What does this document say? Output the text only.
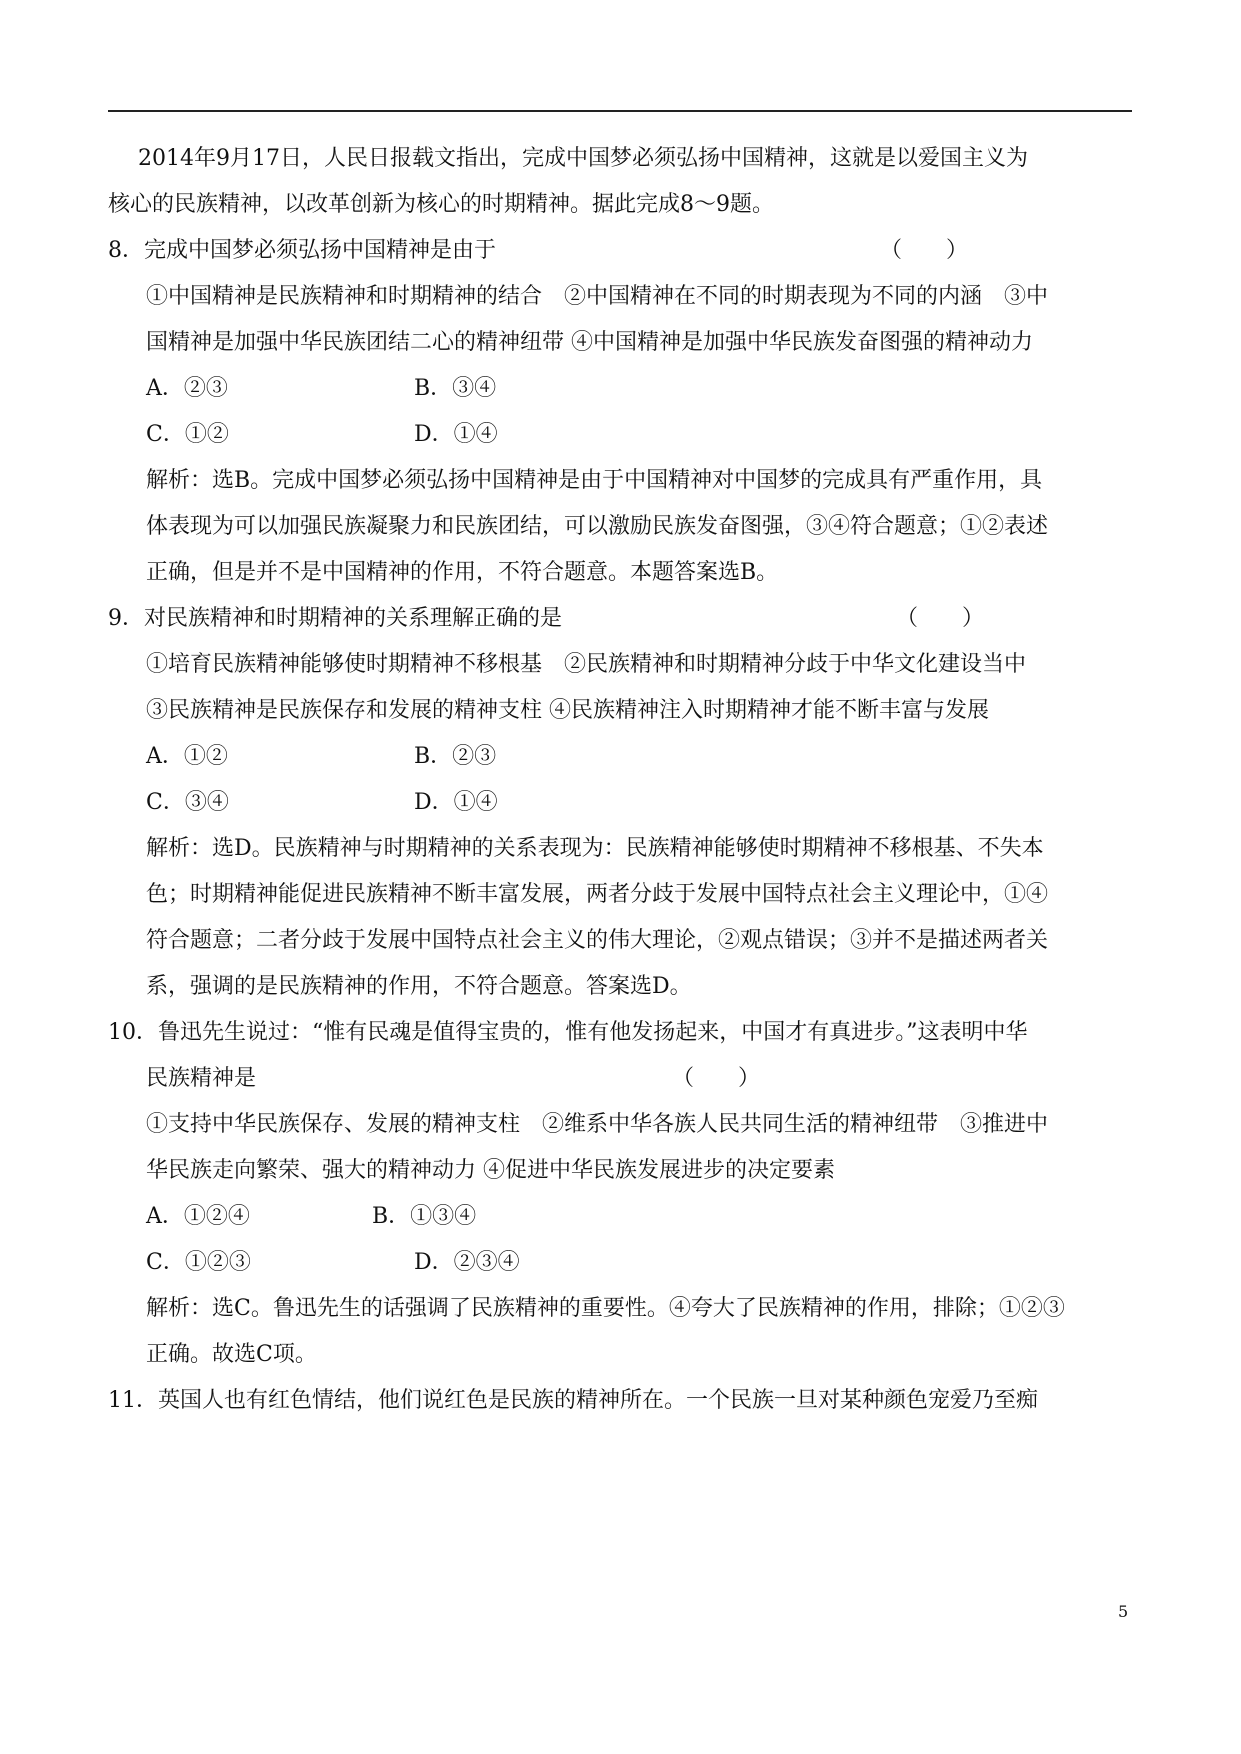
2014年9月17日，人民日报载文指出，完成中国梦必须弘扬中国精神，这就是以爱国主义为
核心的民族精神，以改革创新为核心的时期精神。据此完成8～9题。
8．完成中国梦必须弘扬中国精神是由于	（　　）
①中国精神是民族精神和时期精神的结合　②中国精神在不同的时期表现为不同的内涵　③中
国精神是加强中华民族团结二心的精神纽带 ④中国精神是加强中华民族发奋图强的精神动力
A．②③	B．③④
C．①②	D．①④
解析：选B。完成中国梦必须弘扬中国精神是由于中国精神对中国梦的完成具有严重作用，具
体表现为可以加强民族凝聚力和民族团结，可以激励民族发奋图强，③④符合题意；①②表述
正确，但是并不是中国精神的作用，不符合题意。本题答案选B。
9．对民族精神和时期精神的关系理解正确的是	（　　）
①培育民族精神能够使时期精神不移根基　②民族精神和时期精神分歧于中华文化建设当中
③民族精神是民族保存和发展的精神支柱 ④民族精神注入时期精神才能不断丰富与发展
A．①②	B．②③
C．③④	D．①④
解析：选D。民族精神与时期精神的关系表现为：民族精神能够使时期精神不移根基、不失本
色；时期精神能促进民族精神不断丰富发展，两者分歧于发展中国特点社会主义理论中，①④
符合题意；二者分歧于发展中国特点社会主义的伟大理论，②观点错误；③并不是描述两者关
系，强调的是民族精神的作用，不符合题意。答案选D。
10．鲁迅先生说过：“惟有民魂是值得宝贵的，惟有他发扬起来，中国才有真进步。”这表明中华
民族精神是	（　　）
①支持中华民族保存、发展的精神支柱　②维系中华各族人民共同生活的精神纽带　③推进中
华民族走向繁荣、强大的精神动力 ④促进中华民族发展进步的决定要素
A．①②④	B．①③④
C．①②③	D．②③④
解析：选C。鲁迅先生的话强调了民族精神的重要性。④夸大了民族精神的作用，排除；①②③
正确。故选C项。
11．英国人也有红色情结，他们说红色是民族的精神所在。一个民族一旦对某种颜色宠爱乃至痴
5
